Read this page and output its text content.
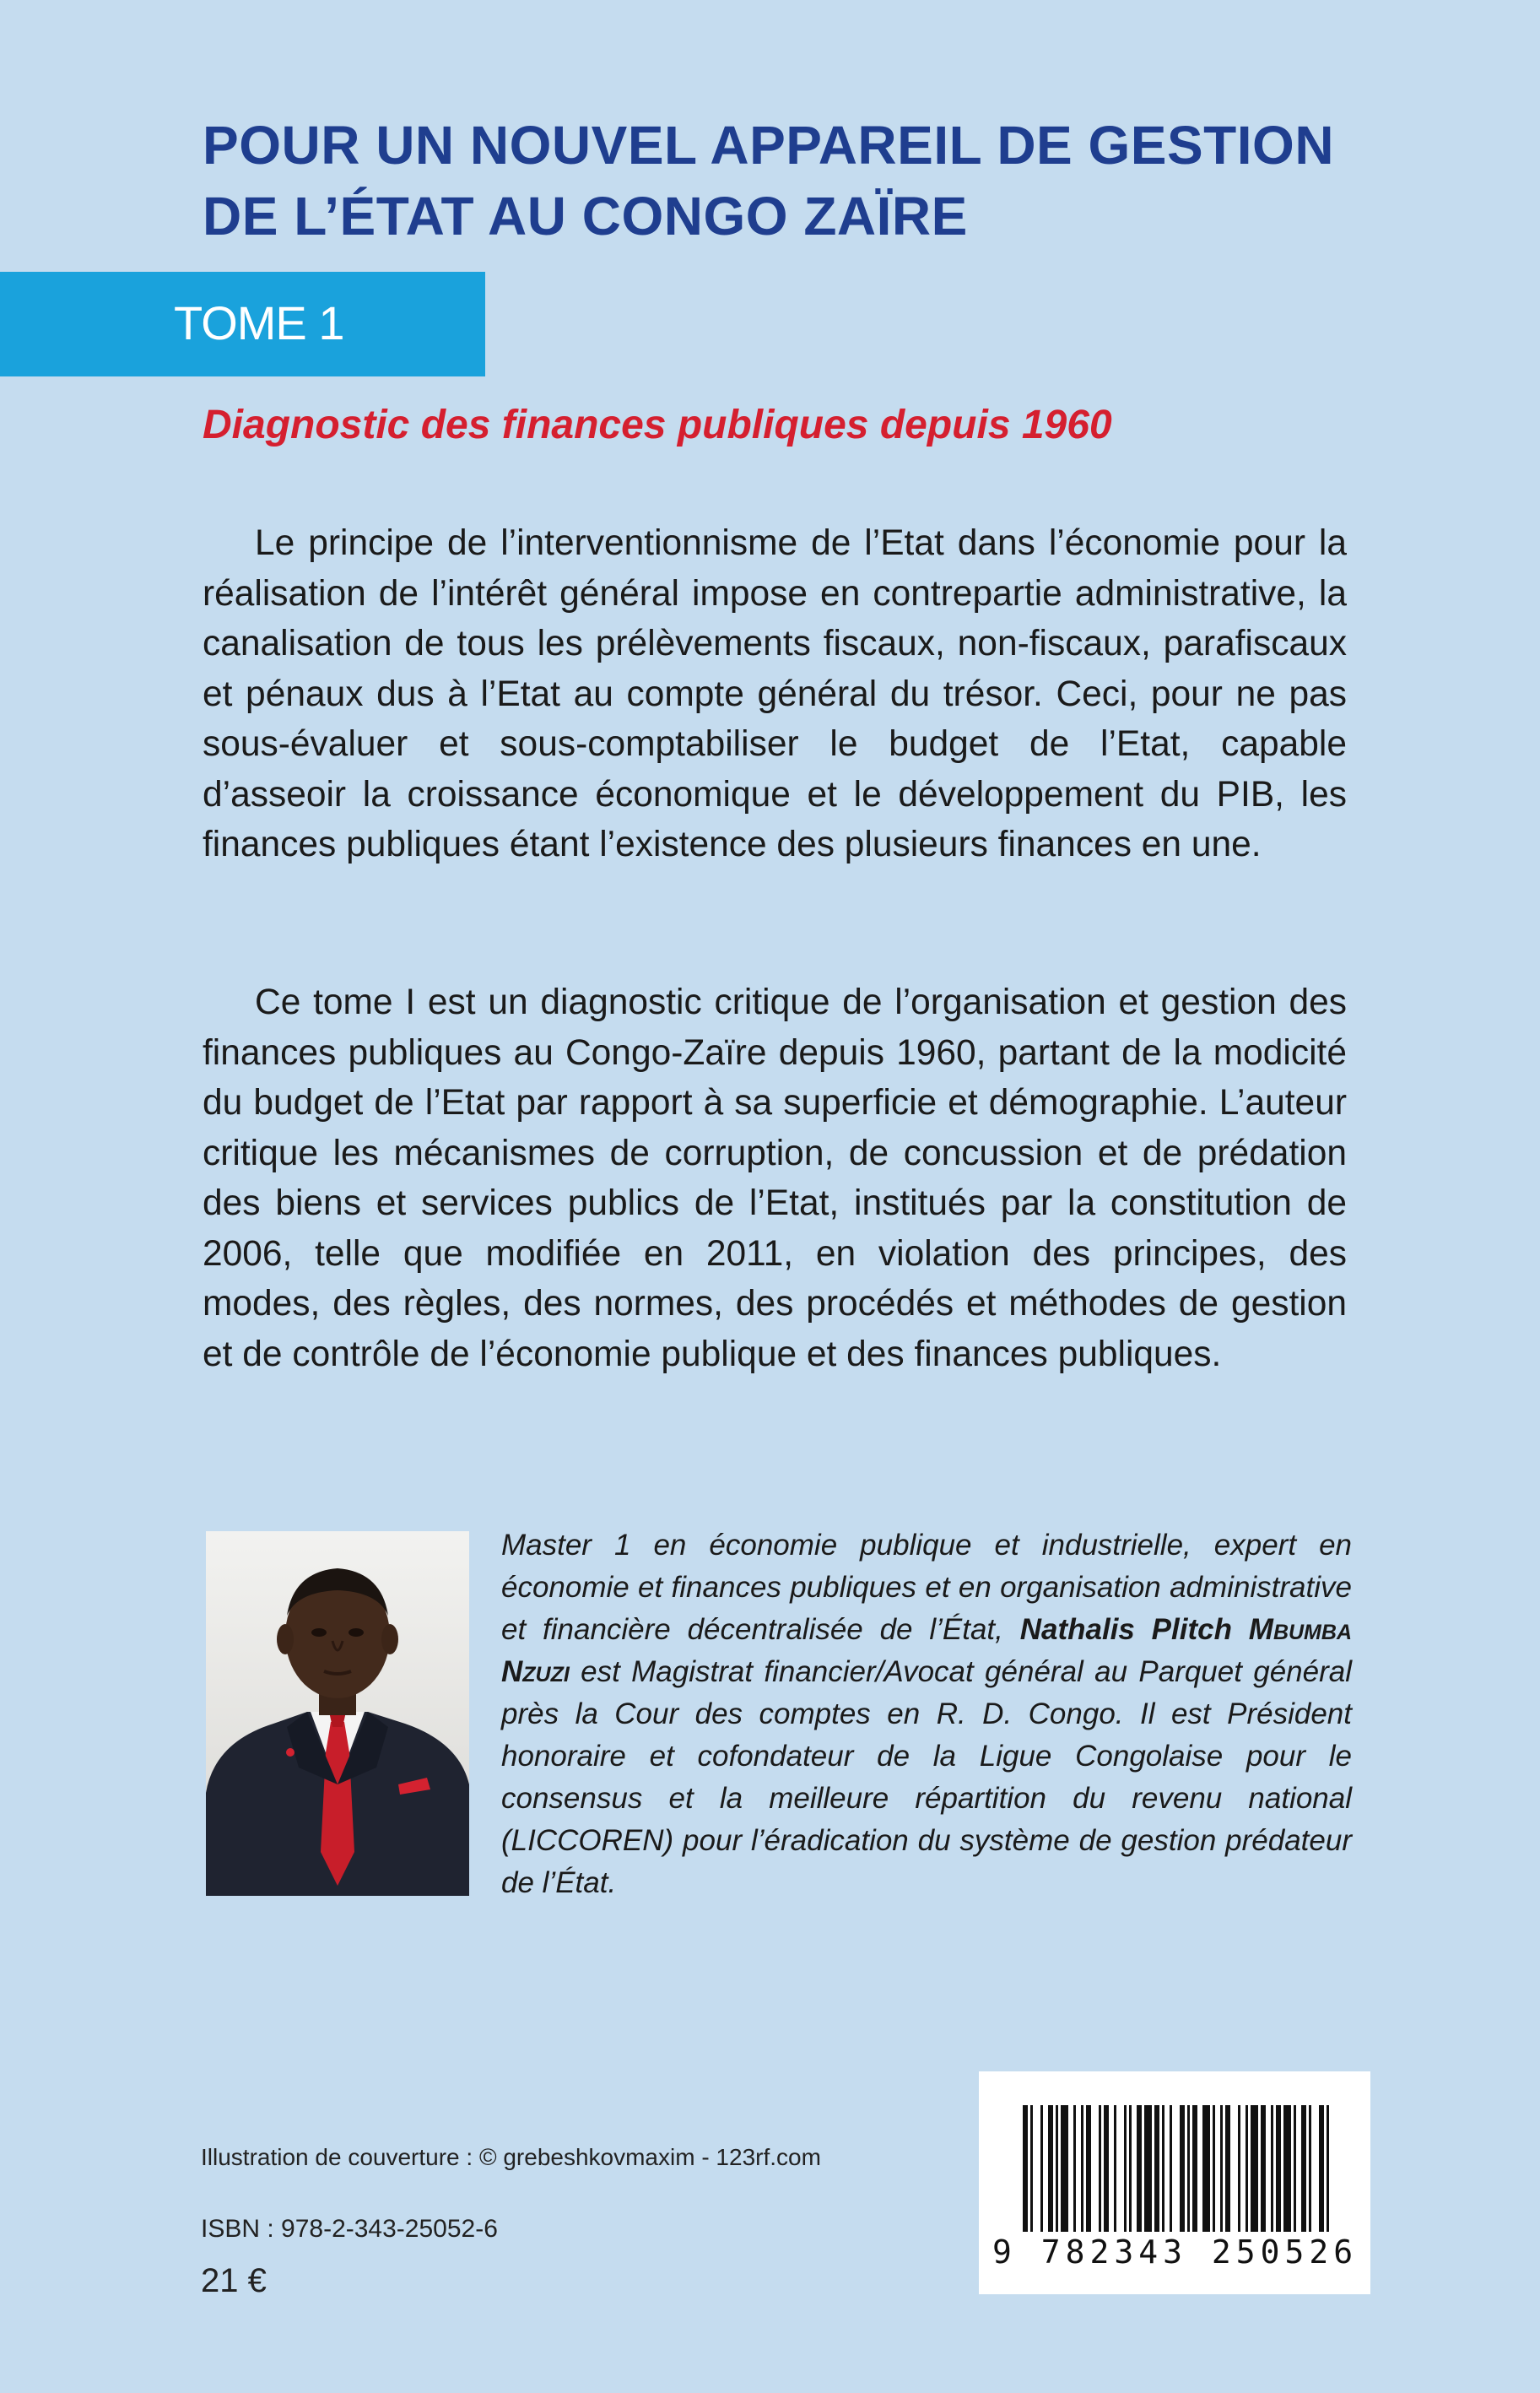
POUR UN NOUVEL APPAREIL DE GESTION
DE L’ÉTAT AU CONGO ZAÏRE
TOME 1
Diagnostic des finances publiques depuis 1960

Le principe de l’interventionnisme de l’Etat dans l’économie pour la réalisation de l’intérêt général impose en contrepartie administrative, la canalisation de tous les prélèvements fiscaux, non-fiscaux, parafiscaux et pénaux dus à l’Etat au compte général du trésor. Ceci, pour ne pas sous-évaluer et sous-comptabiliser le budget de l’Etat, capable d’asseoir la croissance économique et le développement du PIB, les finances publiques étant l’existence des plusieurs finances en une.

Ce tome I est un diagnostic critique de l’organisation et gestion des finances publiques au Congo-Zaïre depuis 1960, partant de la modicité du budget de l’Etat par rapport à sa superficie et démographie. L’auteur critique les mécanismes de corruption, de concussion et de prédation des biens et services publics de l’Etat, institués par la constitution de 2006, telle que modifiée en 2011, en violation des principes, des modes, des règles, des normes, des procédés et méthodes de gestion et de contrôle de l’économie publique et des finances publiques.

Master 1 en économie publique et industrielle, expert en économie et finances publiques et en organisation administrative et financière décentralisée de l’État, Nathalis Plitch Mbumba Nzuzi est Magistrat financier/Avocat général au Parquet général près la Cour des comptes en R. D. Congo. Il est Président honoraire et cofondateur de la Ligue Congolaise pour le consensus et la meilleure répartition du revenu national (LICCOREN) pour l’éradication du système de gestion prédateur de l’État.

Illustration de couverture : © grebeshkovmaxim - 123rf.com
ISBN : 978-2-343-25052-6
21 €
9 782343 250526
